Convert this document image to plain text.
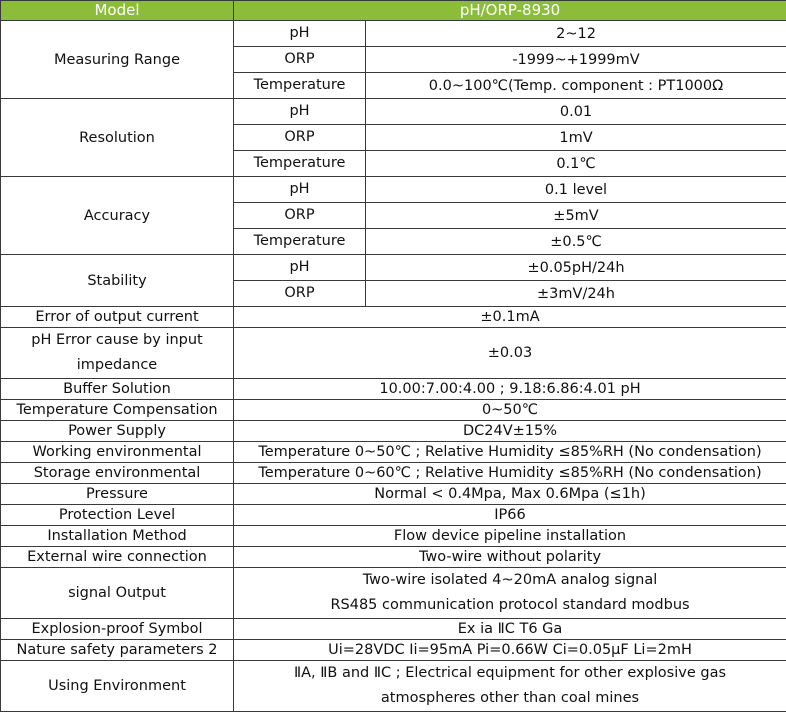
Model	pH/ORP-8930	
Measuring Range	pH	2~12
	ORP	-1999~+1999mV
	Temperature	0.0~100℃(Temp. component : PT1000Ω
Resolution	pH	0.01
	ORP	1mV
	Temperature	0.1℃
Accuracy	pH	0.1 level
	ORP	±5mV
	Temperature	±0.5℃
Stability	pH	±0.05pH/24h
	ORP	±3mV/24h
Error of output current	±0.1mA	
pH Error cause by input impedance	±0.03	
Buffer Solution	10.00:7.00:4.00 ; 9.18:6.86:4.01 pH	
Temperature Compensation	0~50℃	
Power Supply	DC24V±15%	
Working environmental	Temperature 0~50℃ ; Relative Humidity ≤85%RH (No condensation)	
Storage environmental	Temperature 0~60℃ ; Relative Humidity ≤85%RH (No condensation)	
Pressure	Normal < 0.4Mpa, Max 0.6Mpa (≤1h)	
Protection Level	IP66	
Installation Method	Flow device pipeline installation	
External wire connection	Two-wire without polarity	
signal Output	Two-wire isolated 4~20mA analog signal
RS485 communication protocol standard modbus	

Explosion-proof Symbol	Ex ia ⅡC T6 Ga	
Nature safety parameters 2	Ui=28VDC Ii=95mA Pi=0.66W Ci=0.05μF Li=2mH	
Using Environment	ⅡA, ⅡB and ⅡC ; Electrical equipment for other explosive gas atmospheres other than coal mines	
